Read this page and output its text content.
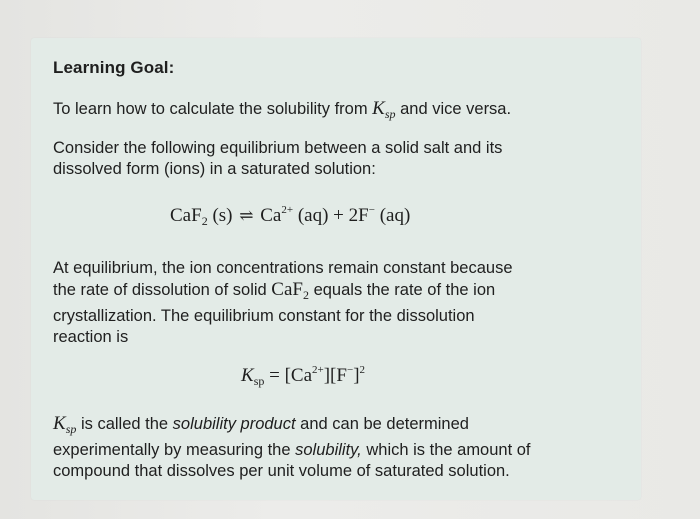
Learning Goal:
To learn how to calculate the solubility from $K_{sp}$ and vice versa.
Consider the following equilibrium between a solid salt and its
dissolved form (ions) in a saturated solution:
CaF$_2$ (s) ⇌ $Ca^{2+}$ (aq) + 2F− (aq)
At equilibrium, the ion concentrations remain constant because
the rate of dissolution of solid CaF$_2$ equals the rate of the ion
crystallization. The equilibrium constant for the dissolution
reaction is
$K_{sp} = [Ca^{2+}][F^-]^2$
$K_{sp}$ is called the solubility product and can be determined
experimentally by measuring the solubility, which is the amount of
compound that dissolves per unit volume of saturated solution.
